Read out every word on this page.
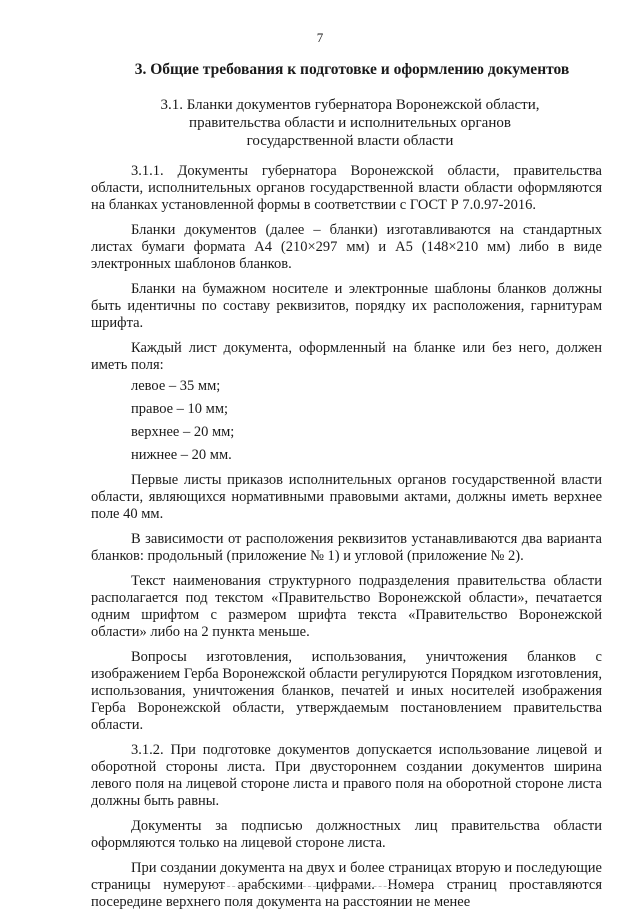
7
3. Общие требования к подготовке и оформлению документов
3.1. Бланки документов губернатора Воронежской области,
правительства области и исполнительных органов
государственной власти области

3.1.1. Документы губернатора Воронежской области, правительства области, исполнительных органов государственной власти области оформляются на бланках установленной формы в соответствии с ГОСТ Р 7.0.97-2016.

Бланки документов (далее – бланки) изготавливаются на стандартных листах бумаги формата А4 (210×297 мм) и А5 (148×210 мм) либо в виде электронных шаблонов бланков.

Бланки на бумажном носителе и электронные шаблоны бланков должны быть идентичны по составу реквизитов, порядку их расположения, гарнитурам шрифта.

Каждый лист документа, оформленный на бланке или без него, должен иметь поля:

левое – 35 мм;

правое – 10 мм;

верхнее – 20 мм;

нижнее – 20 мм.

Первые листы приказов исполнительных органов государственной власти области, являющихся нормативными правовыми актами, должны иметь верхнее поле 40 мм.

В зависимости от расположения реквизитов устанавливаются два варианта бланков: продольный (приложение № 1) и угловой (приложение № 2).

Текст наименования структурного подразделения правительства области располагается под текстом «Правительство Воронежской области», печатается одним шрифтом с размером шрифта текста «Правительство Воронежской области» либо на 2 пункта меньше.

Вопросы изготовления, использования, уничтожения бланков с изображением Герба Воронежской области регулируются Порядком изготовления, использования, уничтожения бланков, печатей и иных носителей изображения Герба Воронежской области, утверждаемым постановлением правительства области.

3.1.2. При подготовке документов допускается использование лицевой и оборотной стороны листа. При двустороннем создании документов ширина левого поля на лицевой стороне листа и правого поля на оборотной стороне листа должны быть равны.

Документы за подписью должностных лиц правительства области оформляются только на лицевой стороне листа.

При создании документа на двух и более страницах вторую и последующие страницы нумеруют арабскими цифрами. Номера страниц проставляются посередине верхнего поля документа на расстоянии не менее
